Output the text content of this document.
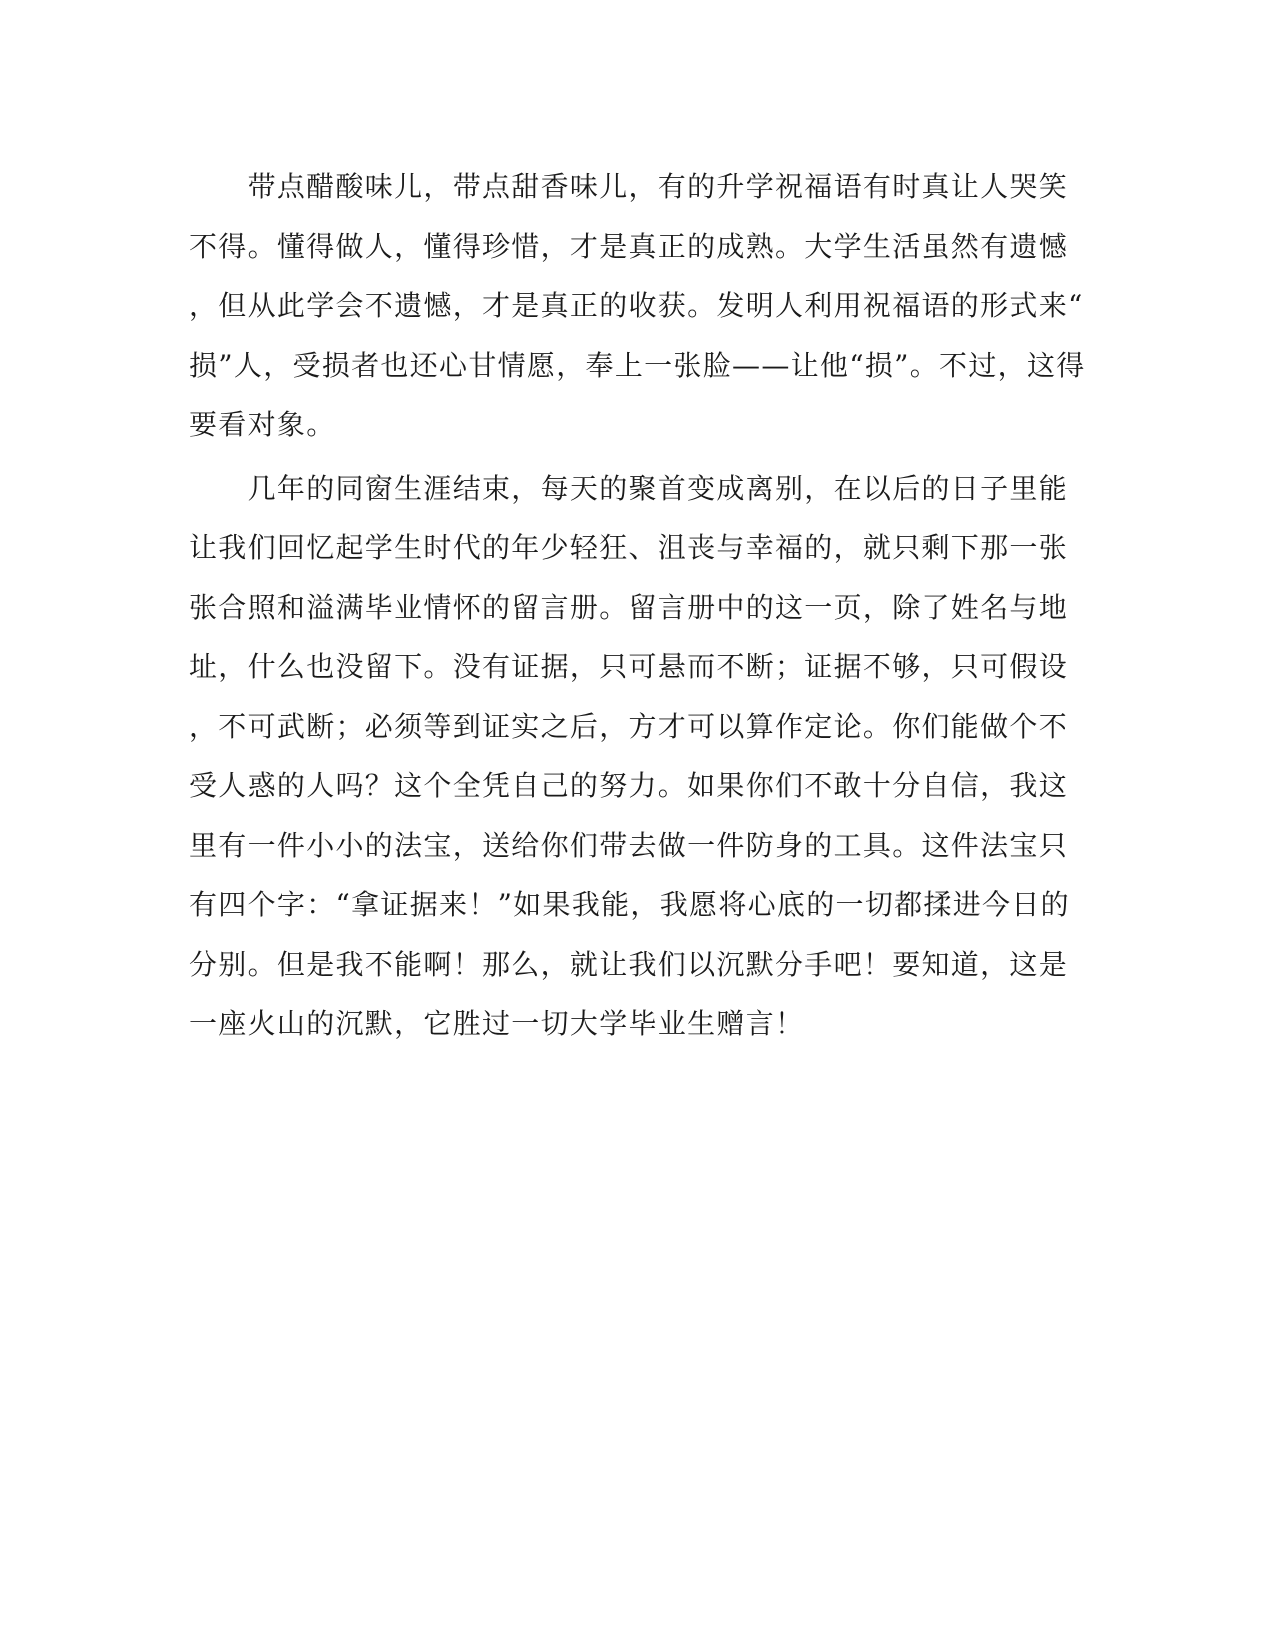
　　带点醋酸味儿，带点甜香味儿，有的升学祝福语有时真让人哭笑
不得。懂得做人，懂得珍惜，才是真正的成熟。大学生活虽然有遗憾
，但从此学会不遗憾，才是真正的收获。发明人利用祝福语的形式来“
损”人，受损者也还心甘情愿，奉上一张脸——让他“损”。不过，这得
要看对象。
　　几年的同窗生涯结束，每天的聚首变成离别，在以后的日子里能
让我们回忆起学生时代的年少轻狂、沮丧与幸福的，就只剩下那一张
张合照和溢满毕业情怀的留言册。留言册中的这一页，除了姓名与地
址，什么也没留下。没有证据，只可悬而不断；证据不够，只可假设
，不可武断；必须等到证实之后，方才可以算作定论。你们能做个不
受人惑的人吗？这个全凭自己的努力。如果你们不敢十分自信，我这
里有一件小小的法宝，送给你们带去做一件防身的工具。这件法宝只
有四个字：“拿证据来！”如果我能，我愿将心底的一切都揉进今日的
分别。但是我不能啊！那么，就让我们以沉默分手吧！要知道，这是
一座火山的沉默，它胜过一切大学毕业生赠言！
